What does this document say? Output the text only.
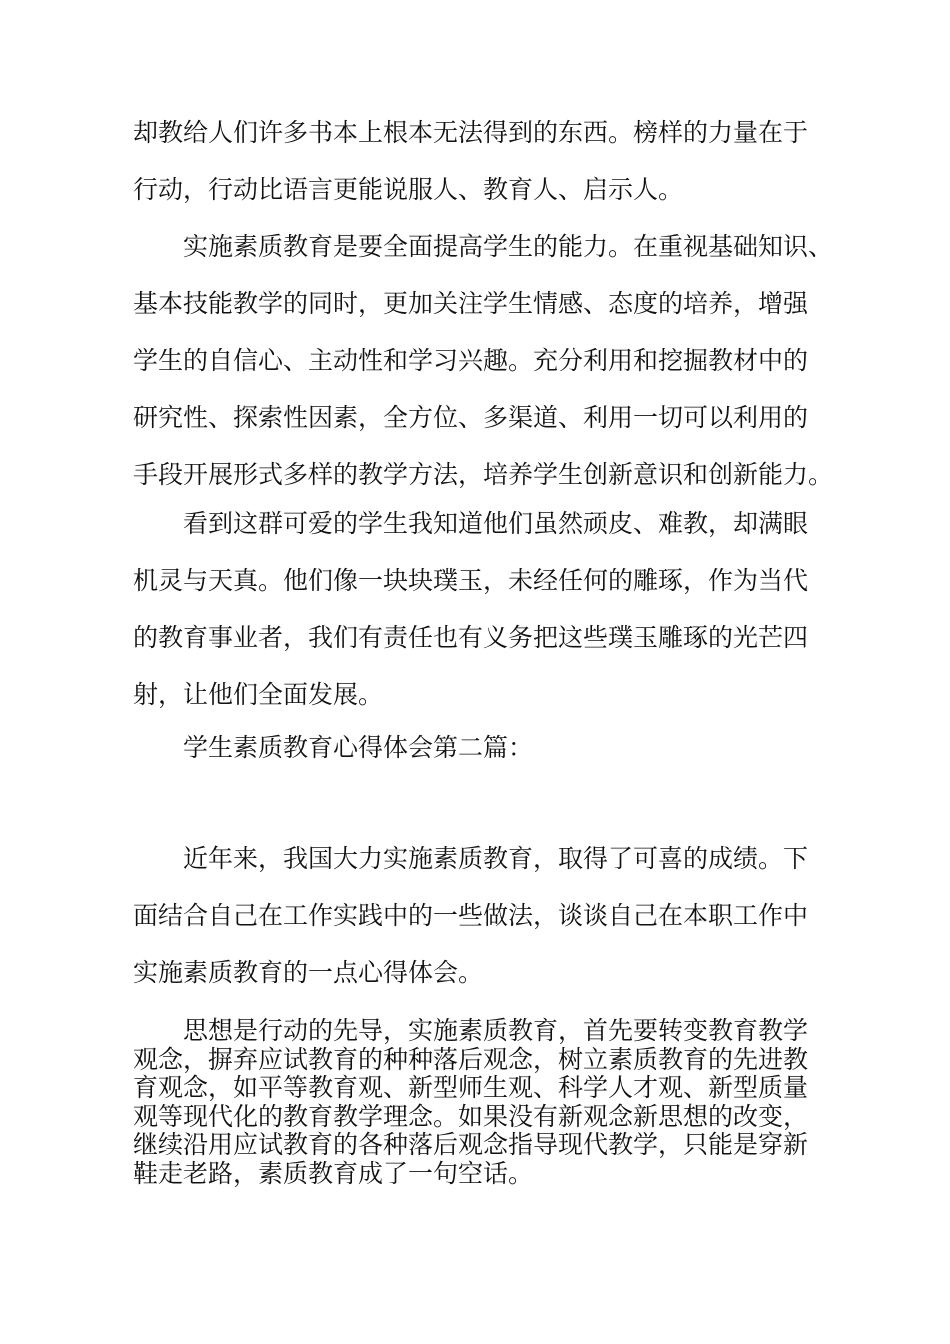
却教给人们许多书本上根本无法得到的东西。榜样的力量在于
行动，行动比语言更能说服人、教育人、启示人。

实施素质教育是要全面提高学生的能力。在重视基础知识、
基本技能教学的同时，更加关注学生情感、态度的培养，增强
学生的自信心、主动性和学习兴趣。充分利用和挖掘教材中的
研究性、探索性因素，全方位、多渠道、利用一切可以利用的
手段开展形式多样的教学方法，培养学生创新意识和创新能力。

看到这群可爱的学生我知道他们虽然顽皮、难教，却满眼
机灵与天真。他们像一块块璞玉，未经任何的雕琢，作为当代
的教育事业者，我们有责任也有义务把这些璞玉雕琢的光芒四
射，让他们全面发展。

学生素质教育心得体会第二篇：

近年来，我国大力实施素质教育，取得了可喜的成绩。下
面结合自己在工作实践中的一些做法，谈谈自己在本职工作中
实施素质教育的一点心得体会。

思想是行动的先导，实施素质教育，首先要转变教育教学
观念，摒弃应试教育的种种落后观念，树立素质教育的先进教
育观念，如平等教育观、新型师生观、科学人才观、新型质量
观等现代化的教育教学理念。如果没有新观念新思想的改变，
继续沿用应试教育的各种落后观念指导现代教学，只能是穿新
鞋走老路，素质教育成了一句空话。
